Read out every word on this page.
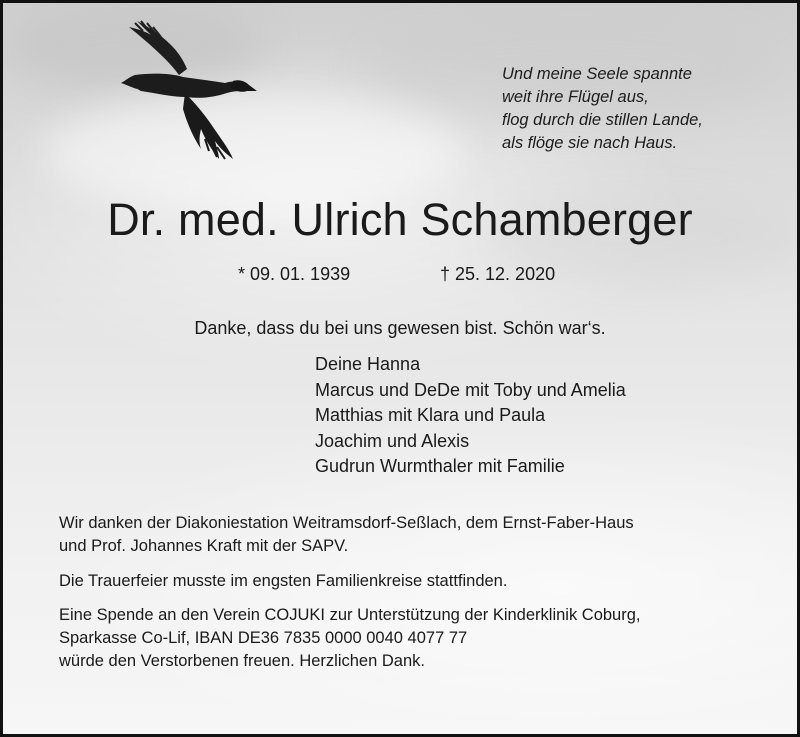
Und meine Seele spannte
weit ihre Flügel aus,
flog durch die stillen Lande,
als flöge sie nach Haus.
Dr. med. Ulrich Schamberger
* 09. 01. 1939	† 25. 12. 2020
Danke, dass du bei uns gewesen bist. Schön war‘s.
Deine Hanna
Marcus und DeDe mit Toby und Amelia
Matthias mit Klara und Paula
Joachim und Alexis
Gudrun Wurmthaler mit Familie
Wir danken der Diakoniestation Weitramsdorf-Seßlach, dem Ernst-Faber-Haus
und Prof. Johannes Kraft mit der SAPV.
Die Trauerfeier musste im engsten Familienkreise stattfinden.
Eine Spende an den Verein COJUKI zur Unterstützung der Kinderklinik Coburg,
Sparkasse Co-Lif, IBAN DE36 7835 0000 0040 4077 77
würde den Verstorbenen freuen. Herzlichen Dank.
